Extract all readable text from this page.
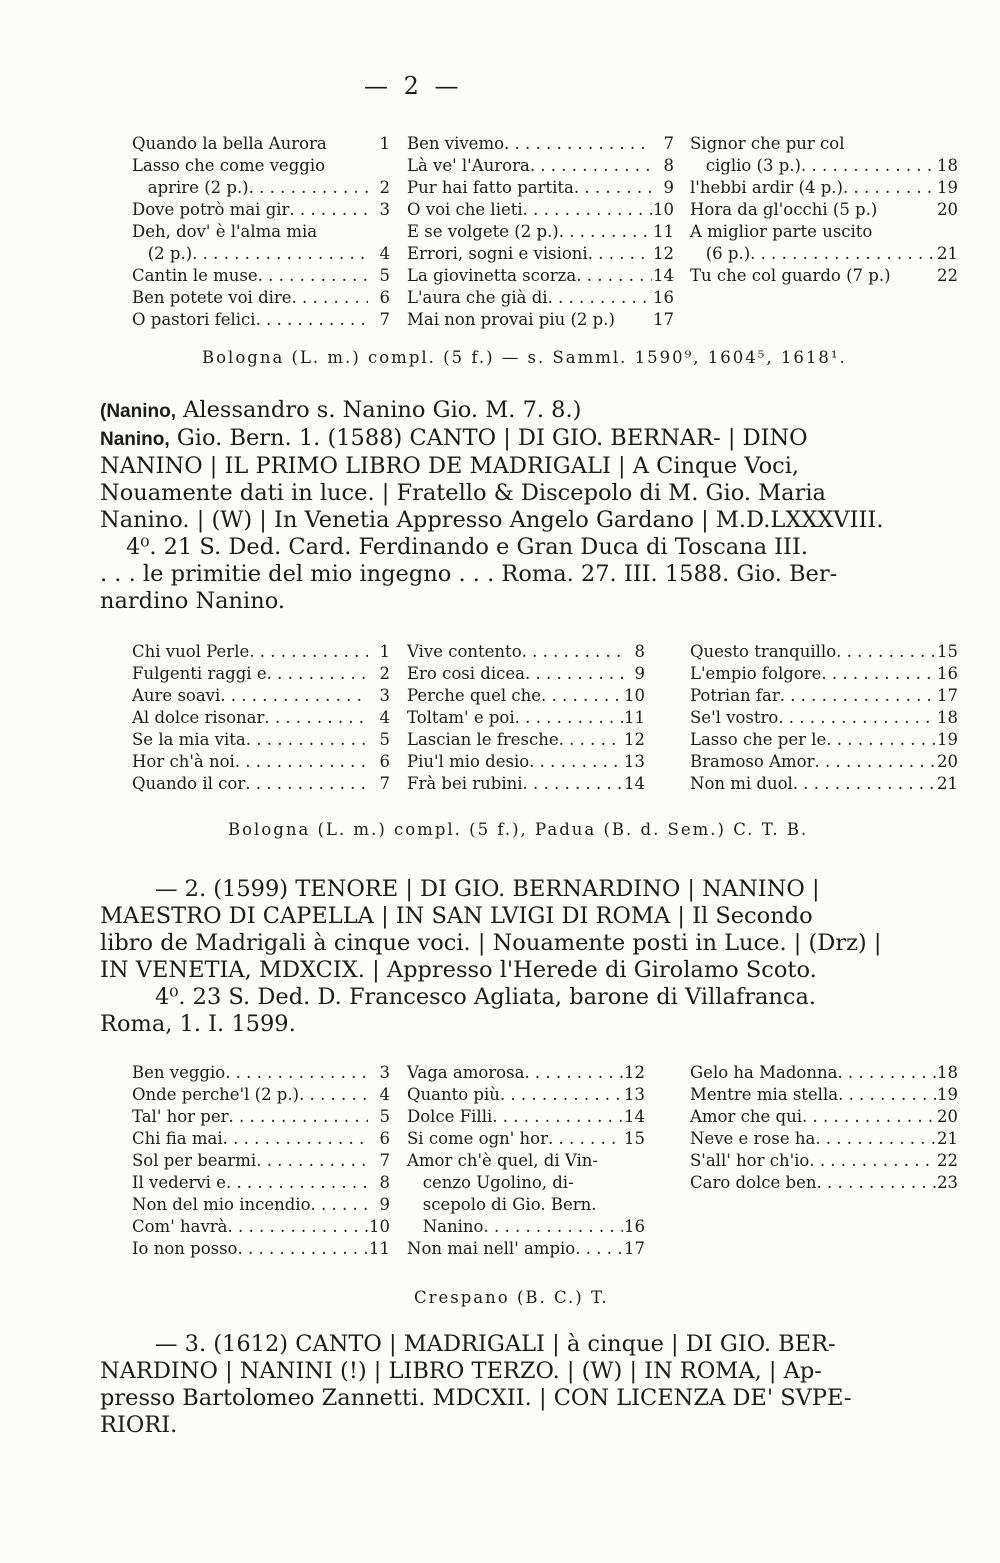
— 2 —
Quando la bella Aurora	1
Lasso che come veggio
aprire (2 p.) . . .	2
Dove potrò mai gir . . .	3
Deh, dov' è l'alma mia
(2 p.) . . .	4
Cantin le muse . . .	5
Ben potete voi dire . . .	6
O pastori felici . . .	7
Ben vivemo . . .	7
Là ve' l'Aurora . . .	8
Pur hai fatto partita . . .	9
O voi che lieti . . .	10
E se volgete (2 p.) . . .	11
Errori, sogni e visioni . . .	12
La giovinetta scorza . . .	14
L'aura che già di . . .	16
Mai non provai piu (2 p.) 17
Signor che pur col
ciglio (3 p.) . . .	18
l'hebbi ardir (4 p.) . . .	19
Hora da gl'occhi (5 p.)	20
A miglior parte uscito
(6 p.) . . .	21
Tu che col guardo (7 p.)	22
Bologna (L. m.) compl. (5 f.) — s. Samml. 1590⁹, 1604⁵, 1618¹.
(Nanino, Alessandro s. Nanino Gio. M. 7. 8.)
Nanino, Gio. Bern. 1. (1588) CANTO | DI GIO. BERNAR- | DINO
NANINO | IL PRIMO LIBRO DE MADRIGALI | A Cinque Voci,
Nouamente dati in luce. | Fratello & Discepolo di M. Gio. Maria
Nanino. | (W) | In Venetia Appresso Angelo Gardano | M.D.LXXXVIII.
4⁰. 21 S. Ded. Card. Ferdinando e Gran Duca di Toscana III.
. . . le primitie del mio ingegno . . . Roma. 27. III. 1588. Gio. Ber-
nardino Nanino.
Chi vuol Perle . . .	1
Fulgenti raggi e . . .	2
Aure soavi . . .	3
Al dolce risonar . . .	4
Se la mia vita . . .	5
Hor ch'à noi . . .	6
Quando il cor . . .	7
Vive contento . . .	8
Ero cosi dicea . . .	9
Perche quel che . . .	10
Toltam' e poi . . .	11
Lascian le fresche . . .	12
Piu'l mio desio . . .	13
Frà bei rubini . . .	14
Questo tranquillo . . .	15
L'empio folgore . . .	16
Potrian far . . .	17
Se'l vostro . . .	18
Lasso che per le . . .	19
Bramoso Amor . . .	20
Non mi duol . . .	21
Bologna (L. m.) compl. (5 f.), Padua (B. d. Sem.) C. T. B.
— 2. (1599) TENORE | DI GIO. BERNARDINO | NANINO |
MAESTRO DI CAPELLA | IN SAN LVIGI DI ROMA | Il Secondo
libro de Madrigali à cinque voci. | Nouamente posti in Luce. | (Drz) |
IN VENETIA, MDXCIX. | Appresso l'Herede di Girolamo Scoto.
4⁰. 23 S. Ded. D. Francesco Agliata, barone di Villafranca.
Roma, 1. I. 1599.
Ben veggio . . .	3
Onde perche'l (2 p.) . . .	4
Tal' hor per . . .	5
Chi fia mai . . .	6
Sol per bearmi . . .	7
Il vedervi e . . .	8
Non del mio incendio . . .	9
Com' havrà . . .	10
Io non posso . . .	11
Vaga amorosa . . .	12
Quanto più . . .	13
Dolce Filli . . .	14
Si come ogn' hor . . .	15
Amor ch'è quel, di Vin-
cenzo Ugolino, di-
scepolo di Gio. Bern.
Nanino . . .	16
Non mai nell' ampio . . .	17
Gelo ha Madonna . . .	18
Mentre mia stella . . .	19
Amor che qui . . .	20
Neve e rose ha . . .	21
S'all' hor ch'io . . .	22
Caro dolce ben . . .	23
Crespano (B. C.) T.
— 3. (1612) CANTO | MADRIGALI | à cinque | DI GIO. BER-
NARDINO | NANINI (!) | LIBRO TERZO. | (W) | IN ROMA, | Ap-
presso Bartolomeo Zannetti. MDCXII. | CON LICENZA DE' SVPE-
RIORI.
